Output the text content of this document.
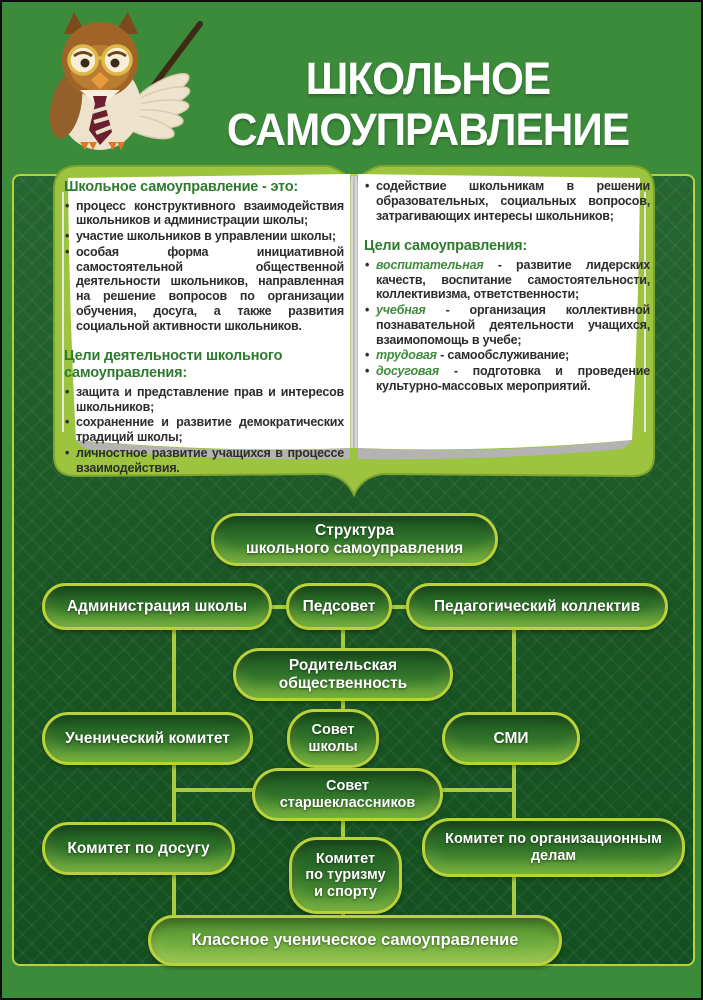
ШКОЛЬНОЕ
САМОУПРАВЛЕНИЕ
Школьное самоуправление - это:
• процесс конструктивного взаимодействия школьников и администрации школы;
• участие школьников в управлении школы;
• особая форма инициативной самостоятельной общественной деятельности школьников, направленная на решение вопросов по организации обучения, досуга, а также развития социальной активности школьников.
Цели деятельности школьного самоуправления:
• защита и представление прав и интересов школьников;
• сохраненние и развитие демократических традиций школы;
• личностное развитие учащихся в процессе взаимодействия.
• содействие школьникам в решении образовательных, социальных вопросов, затрагивающих интересы школьников;
Цели самоуправления:
• воспитательная - развитие лидерских качеств, воспитание самостоятельности, коллективизма, ответственности;
• учебная - организация коллективной познавательной деятельности учащихся, взаимопомощь в учебе;
• трудовая - самообслуживание;
• досуговая - подготовка и проведение культурно-массовых мероприятий.
Структура
школьного самоуправления
Администрация школы	Педсовет	Педагогический коллектив
Родительская
общественность
Ученический комитет	Совет
школы	СМИ
Совет
старшеклассников
Комитет по досугу
Комитет
по туризму
и спорту
Комитет по организационным
делам
Классное ученическое самоуправление
